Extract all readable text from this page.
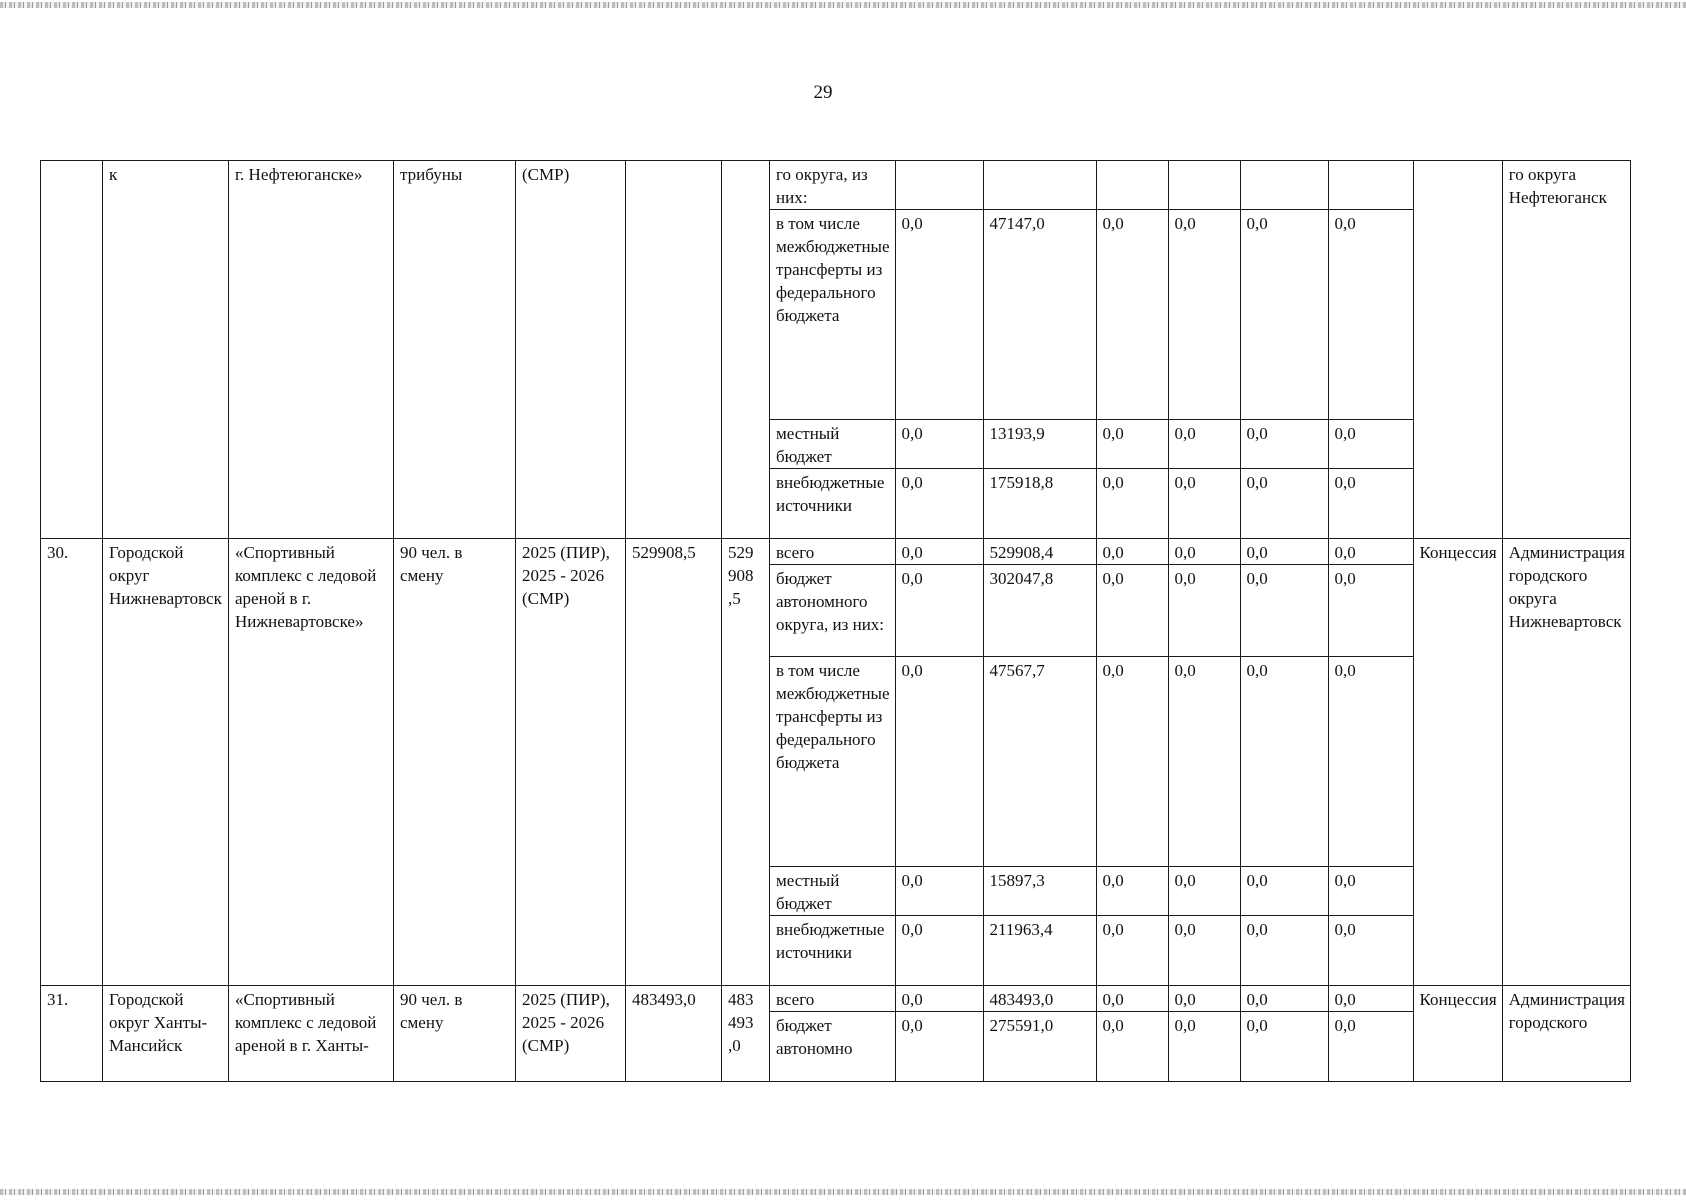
29
	к	г. Нефтеюганске»	трибуны	(СМР)			го округа, из них:								го округа Нефтеюганск
							в том числе межбюджетные трансферты из федерального бюджета	0,0	47147,0	0,0	0,0	0,0	0,0		
							местный бюджет	0,0	13193,9	0,0	0,0	0,0	0,0		
							внебюджетные источники	0,0	175918,8	0,0	0,0	0,0	0,0		
30.	Городской округ Нижневартовск	«Спортивный комплекс с ледовой ареной в г. Нижневартовске»	90 чел. в смену	2025 (ПИР), 2025 - 2026 (СМР)	529908,5	529 908 ,5	всего	0,0	529908,4	0,0	0,0	0,0	0,0	Концессия	Администрация городского округа Нижневартовск
							бюджет автономного округа, из них:	0,0	302047,8	0,0	0,0	0,0	0,0		
							в том числе межбюджетные трансферты из федерального бюджета	0,0	47567,7	0,0	0,0	0,0	0,0		
							местный бюджет	0,0	15897,3	0,0	0,0	0,0	0,0		
							внебюджетные источники	0,0	211963,4	0,0	0,0	0,0	0,0		
31.	Городской округ Ханты-Мансийск	«Спортивный комплекс с ледовой ареной в г. Ханты-	90 чел. в смену	2025 (ПИР), 2025 - 2026 (СМР)	483493,0	483 493 ,0	всего	0,0	483493,0	0,0	0,0	0,0	0,0	Концессия	Администрация городского
							бюджет автономно	0,0	275591,0	0,0	0,0	0,0	0,0		
